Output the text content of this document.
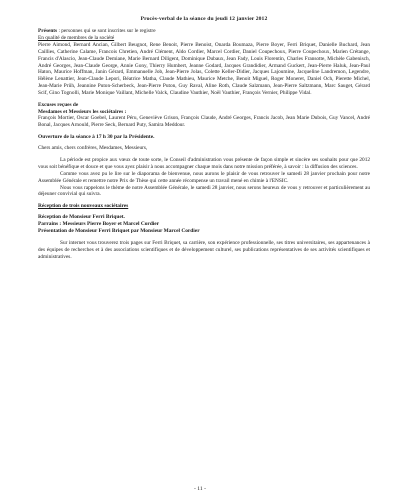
Procès-verbal de la séance du jeudi 12 janvier 2012

Présents : personnes qui se sont inscrites sur le registre

En qualité de membres de la société

Pierre Aimond, Bernard Ancian, Gilbert Beugnot, Rene Benoit, Pierre Benoist, Onarda Boumaza, Pierre Boyer, Ferri Briquet, Danielle Buchard, Jean Caillies, Catherine Calame, Francois Chretien, André Clément, Aldo Cordier, Marcel Cordier, Daniel Coupechoux, Pierre Coupechoux, Marien Crétange, Francis d'Alascio, Jean-Claude Demiane, Marie Bernard Diligent, Dominique Dubaux, Jean Fady, Louis Florentin, Charles Fransotte, Michèle Gabenisch, André Georges, Jean-Claude George, Annie Gony, Thierry Humbert, Jeanne Godard, Jacques Grandidier, Armand Guckert, Jean-Pierre Haluk, Jean-Paul Haton, Maurice Hoffman, Janin Gérard, Emmanuelle Job, Jean-Pierre Jolas, Colette Keller-Didier, Jacques Lajoumine, Jacqueline Landremon, Legendre, Hélène Lenattier, Jean-Claude Lepori, Béatrice Matha, Claude Mathieu, Maurice Metche, Benoit Miguel, Roger Moneret, Daniel Och, Pierette Michel, Jean-Marie Priih, Jeannine Puton-Scherbeck, Jean-Pierre Puton, Guy Raval, Aline Roth, Claude Salzmann, Jean-Pierre Saltzmann, Marc Sauget, Gérard Scif, Gino Tognolli, Marie Monique Vaillant, Michelle Valck, Claudine Vauthier, Noël Vauthier, François Vernier, Philippe Vidal.

Excuses reçues de

Mesdames et Messieurs les sociétaires :

François Mortier, Oscar Goebel, Laurent Péru, Geneviève Grison, François Claude, André Georges, Francis Jacob, Jean Marie Dubois, Guy Vancel, André Bonal, Jacques Arnould, Pierre Seck, Bernard Puty, Samira Meddour.

Ouverture de la séance à 17 h 30 par la Présidente.

Chers amis, chers confrères, Mesdames, Messieurs,

La période est propice aux vœux de toute sorte, le Conseil d'administration vous présente de façon simple et sincère ses souhaits pour que 2012 vous soit bénéfique et douce et que vous ayez plaisir à nous accompagner chaque mois dans notre mission préférée, à savoir : la diffusion des sciences.

Comme vous avez pu le lire sur le diaporama de bienvenue, nous aurons le plaisir de vous retrouver le samedi 28 janvier prochain pour notre Assemblée Générale et remettre notre Prix de Thèse qui cette année récompense un travail mené en chimie à l'ENSIC.

Nous vous rappelons le thème de notre Assemblée Générale, le samedi 28 janvier, nous serons heureux de vous y retrouver et particulièrement au déjeuner convivial qui suivra.

Réception de trois nouveaux sociétaires

Réception de Monsieur Ferri Briquet.

Parrains : Messieurs Pierre Boyer et Marcel Cordier

Présentation de Monsieur Ferri Briquet par Monsieur Marcel Cordier

Sur internet vous trouverez trois pages sur Ferri Briquet, sa carrière, son expérience professionnelle, ses titres universitaires, ses appartenances à des équipes de recherches et à des associations scientifiques et de développement culturel, ses publications représentatives de ses activités scientifiques et administratives.

- 11 -
